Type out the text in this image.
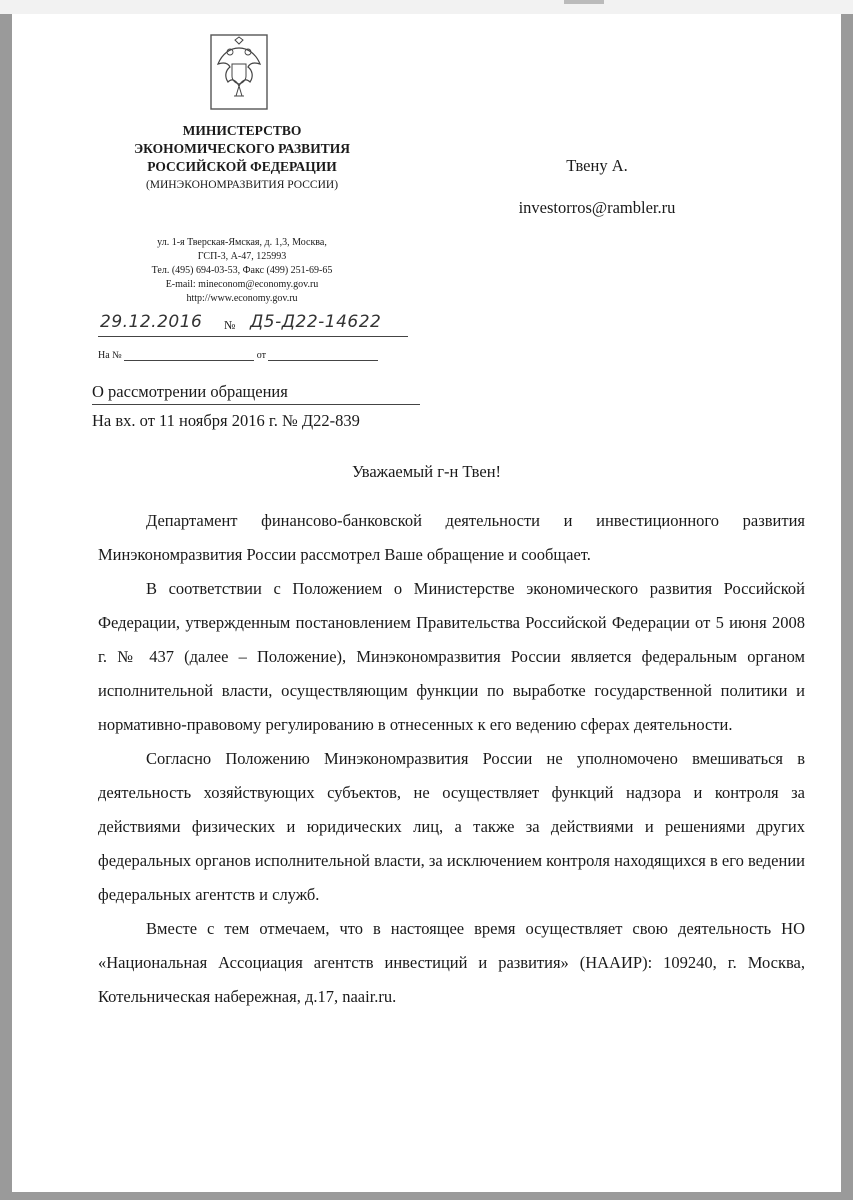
МИНИСТЕРСТВО
ЭКОНОМИЧЕСКОГО РАЗВИТИЯ
РОССИЙСКОЙ ФЕДЕРАЦИИ
(МИНЭКОНОМРАЗВИТИЯ РОССИИ)
ул. 1-я Тверская-Ямская, д. 1,3, Москва,
ГСП-3, А-47, 125993
Тел. (495) 694-03-53, Факс (499) 251-69-65
E-mail: mineconom@economy.gov.ru
http://www.economy.gov.ru
29.12.2016 № Д5-Д22-14622
На №	от
О рассмотрении обращения
На вх. от 11 ноября 2016 г. № Д22-839
Твену А.
investorros@rambler.ru
Уважаемый г-н Твен!

Департамент финансово-банковской деятельности и инвестиционного развития Минэкономразвития России рассмотрел Ваше обращение и сообщает.

В соответствии с Положением о Министерстве экономического развития Российской Федерации, утвержденным постановлением Правительства Российской Федерации от 5 июня 2008 г. № 437 (далее – Положение), Минэкономразвития России является федеральным органом исполнительной власти, осуществляющим функции по выработке государственной политики и нормативно-правовому регулированию в отнесенных к его ведению сферах деятельности.

Согласно Положению Минэкономразвития России не уполномочено вмешиваться в деятельность хозяйствующих субъектов, не осуществляет функций надзора и контроля за действиями физических и юридических лиц, а также за действиями и решениями других федеральных органов исполнительной власти, за исключением контроля находящихся в его ведении федеральных агентств и служб.

Вместе с тем отмечаем, что в настоящее время осуществляет свою деятельность НО «Национальная Ассоциация агентств инвестиций и развития» (НААИР): 109240, г. Москва, Котельническая набережная, д.17, naair.ru.
